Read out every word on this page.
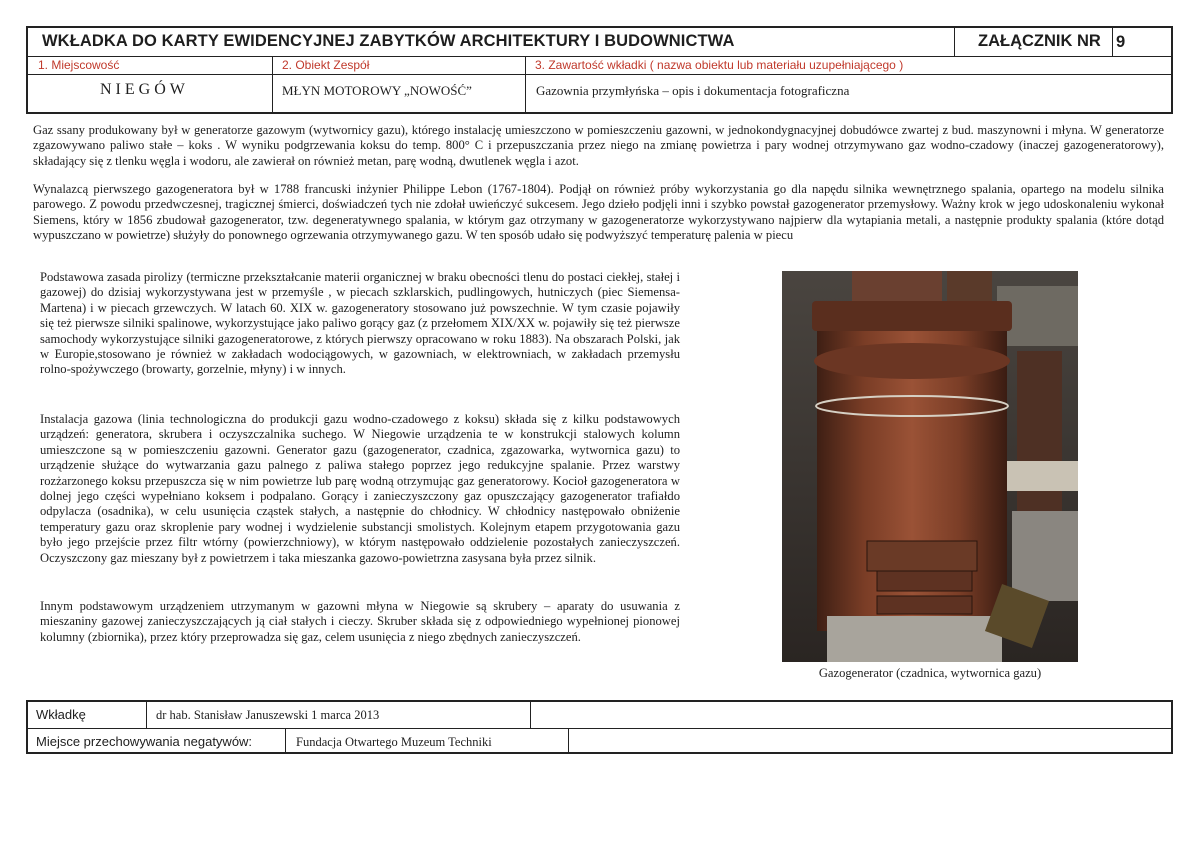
WKŁADKA DO KARTY EWIDENCYJNEJ ZABYTKÓW ARCHITEKTURY I BUDOWNICTWA	ZAŁĄCZNIK NR 9
1. Miejscowość	2. Obiekt Zespół	3. Zawartość wkładki ( nazwa obiektu lub materiału uzupełniającego )
NIEGÓW	MŁYN MOTOROWY „NOWOŚĆ”	Gazownia przymłyńska – opis i dokumentacja fotograficzna

Gaz ssany produkowany był w generatorze gazowym (wytwornicy gazu), którego instalację umieszczono w pomieszczeniu gazowni, w jednokondygnacyjnej dobudówce zwartej z bud. maszynowni i młyna. W generatorze zgazowywano paliwo stałe – koks . W wyniku podgrzewania koksu do temp. 800° C i przepuszczania przez niego na zmianę powietrza i pary wodnej otrzymywano gaz wodno-czadowy (inaczej gazogeneratorowy), składający się z tlenku węgla i wodoru, ale zawierał on również metan, parę wodną, dwutlenek węgla i azot.

Wynalazcą pierwszego gazogeneratora był w 1788 francuski inżynier Philippe Lebon (1767-1804). Podjął on również próby wykorzystania go dla napędu silnika wewnętrznego spalania, opartego na modelu silnika parowego. Z powodu przedwczesnej, tragicznej śmierci, doświadczeń tych nie zdołał uwieńczyć sukcesem. Jego dzieło podjęli inni i szybko powstał gazogenerator przemysłowy. Ważny krok w jego udoskonaleniu wykonał Siemens, który w 1856 zbudował gazogenerator, tzw. degeneratywnego spalania, w którym gaz otrzymany w gazogeneratorze wykorzystywano najpierw dla wytapiania metali, a następnie produkty spalania (które dotąd wypuszczano w powietrze) służyły do ponownego ogrzewania otrzymywanego gazu. W ten sposób udało się podwyższyć temperaturę palenia w piecu

Podstawowa zasada pirolizy (termiczne przekształcanie materii organicznej w braku obecności tlenu do postaci ciekłej, stałej i gazowej) do dzisiaj wykorzystywana jest w przemyśle , w piecach szklarskich, pudlingowych, hutniczych (piec Siemensa-Martena) i w piecach grzewczych. W latach 60. XIX w. gazogeneratory stosowano już powszechnie. W tym czasie pojawiły się też pierwsze silniki spalinowe, wykorzystujące jako paliwo gorący gaz (z przełomem XIX/XX w. pojawiły się też pierwsze samochody wykorzystujące silniki gazogeneratorowe, z których pierwszy opracowano w roku 1883). Na obszarach Polski, jak w Europie,stosowano je również w zakładach wodociągowych, w gazowniach, w elektrowniach, w zakładach przemysłu rolno-spożywczego (browarty, gorzelnie, młyny) i w innych.

Instalacja gazowa (linia technologiczna do produkcji gazu wodno-czadowego z koksu) składa się z kilku podstawowych urządzeń: generatora, skrubera i oczyszczalnika suchego. W Niegowie urządzenia te w konstrukcji stalowych kolumn umieszczone są w pomieszczeniu gazowni. Generator gazu (gazogenerator, czadnica, zgazowarka, wytwornica gazu) to urządzenie służące do wytwarzania gazu palnego z paliwa stałego poprzez jego redukcyjne spalanie. Przez warstwy rozżarzonego koksu przepuszcza się w nim powietrze lub parę wodną otrzymując gaz generatorowy. Kocioł gazogeneratora w dolnej jego części wypełniano koksem i podpalano. Gorący i zanieczyszczony gaz opuszczający gazogenerator trafiałdo odpylacza (osadnika), w celu usunięcia cząstek stałych, a następnie do chłodnicy. W chłodnicy następowało obniżenie temperatury gazu oraz skroplenie pary wodnej i wydzielenie substancji smolistych. Kolejnym etapem przygotowania gazu było jego przejście przez filtr wtórny (powierzchniowy), w którym następowało oddzielenie pozostałych zanieczyszczeń. Oczyszczony gaz mieszany był z powietrzem i taka mieszanka gazowo-powietrzna zasysana była przez silnik.

Innym podstawowym urządzeniem utrzymanym w gazowni młyna w Niegowie są skrubery – aparaty do usuwania z mieszaniny gazowej zanieczyszczających ją ciał stałych i cieczy. Skruber składa się z odpowiedniego wypełnionej pionowej kolumny (zbiornika), przez który przeprowadza się gaz, celem usunięcia z niego zbędnych zanieczyszczeń.

Gazogenerator (czadnica, wytwornica gazu)
Wkładkę	dr hab. Stanisław Januszewski 1 marca 2013
Miejsce przechowywania negatywów:	Fundacja Otwartego Muzeum Techniki
